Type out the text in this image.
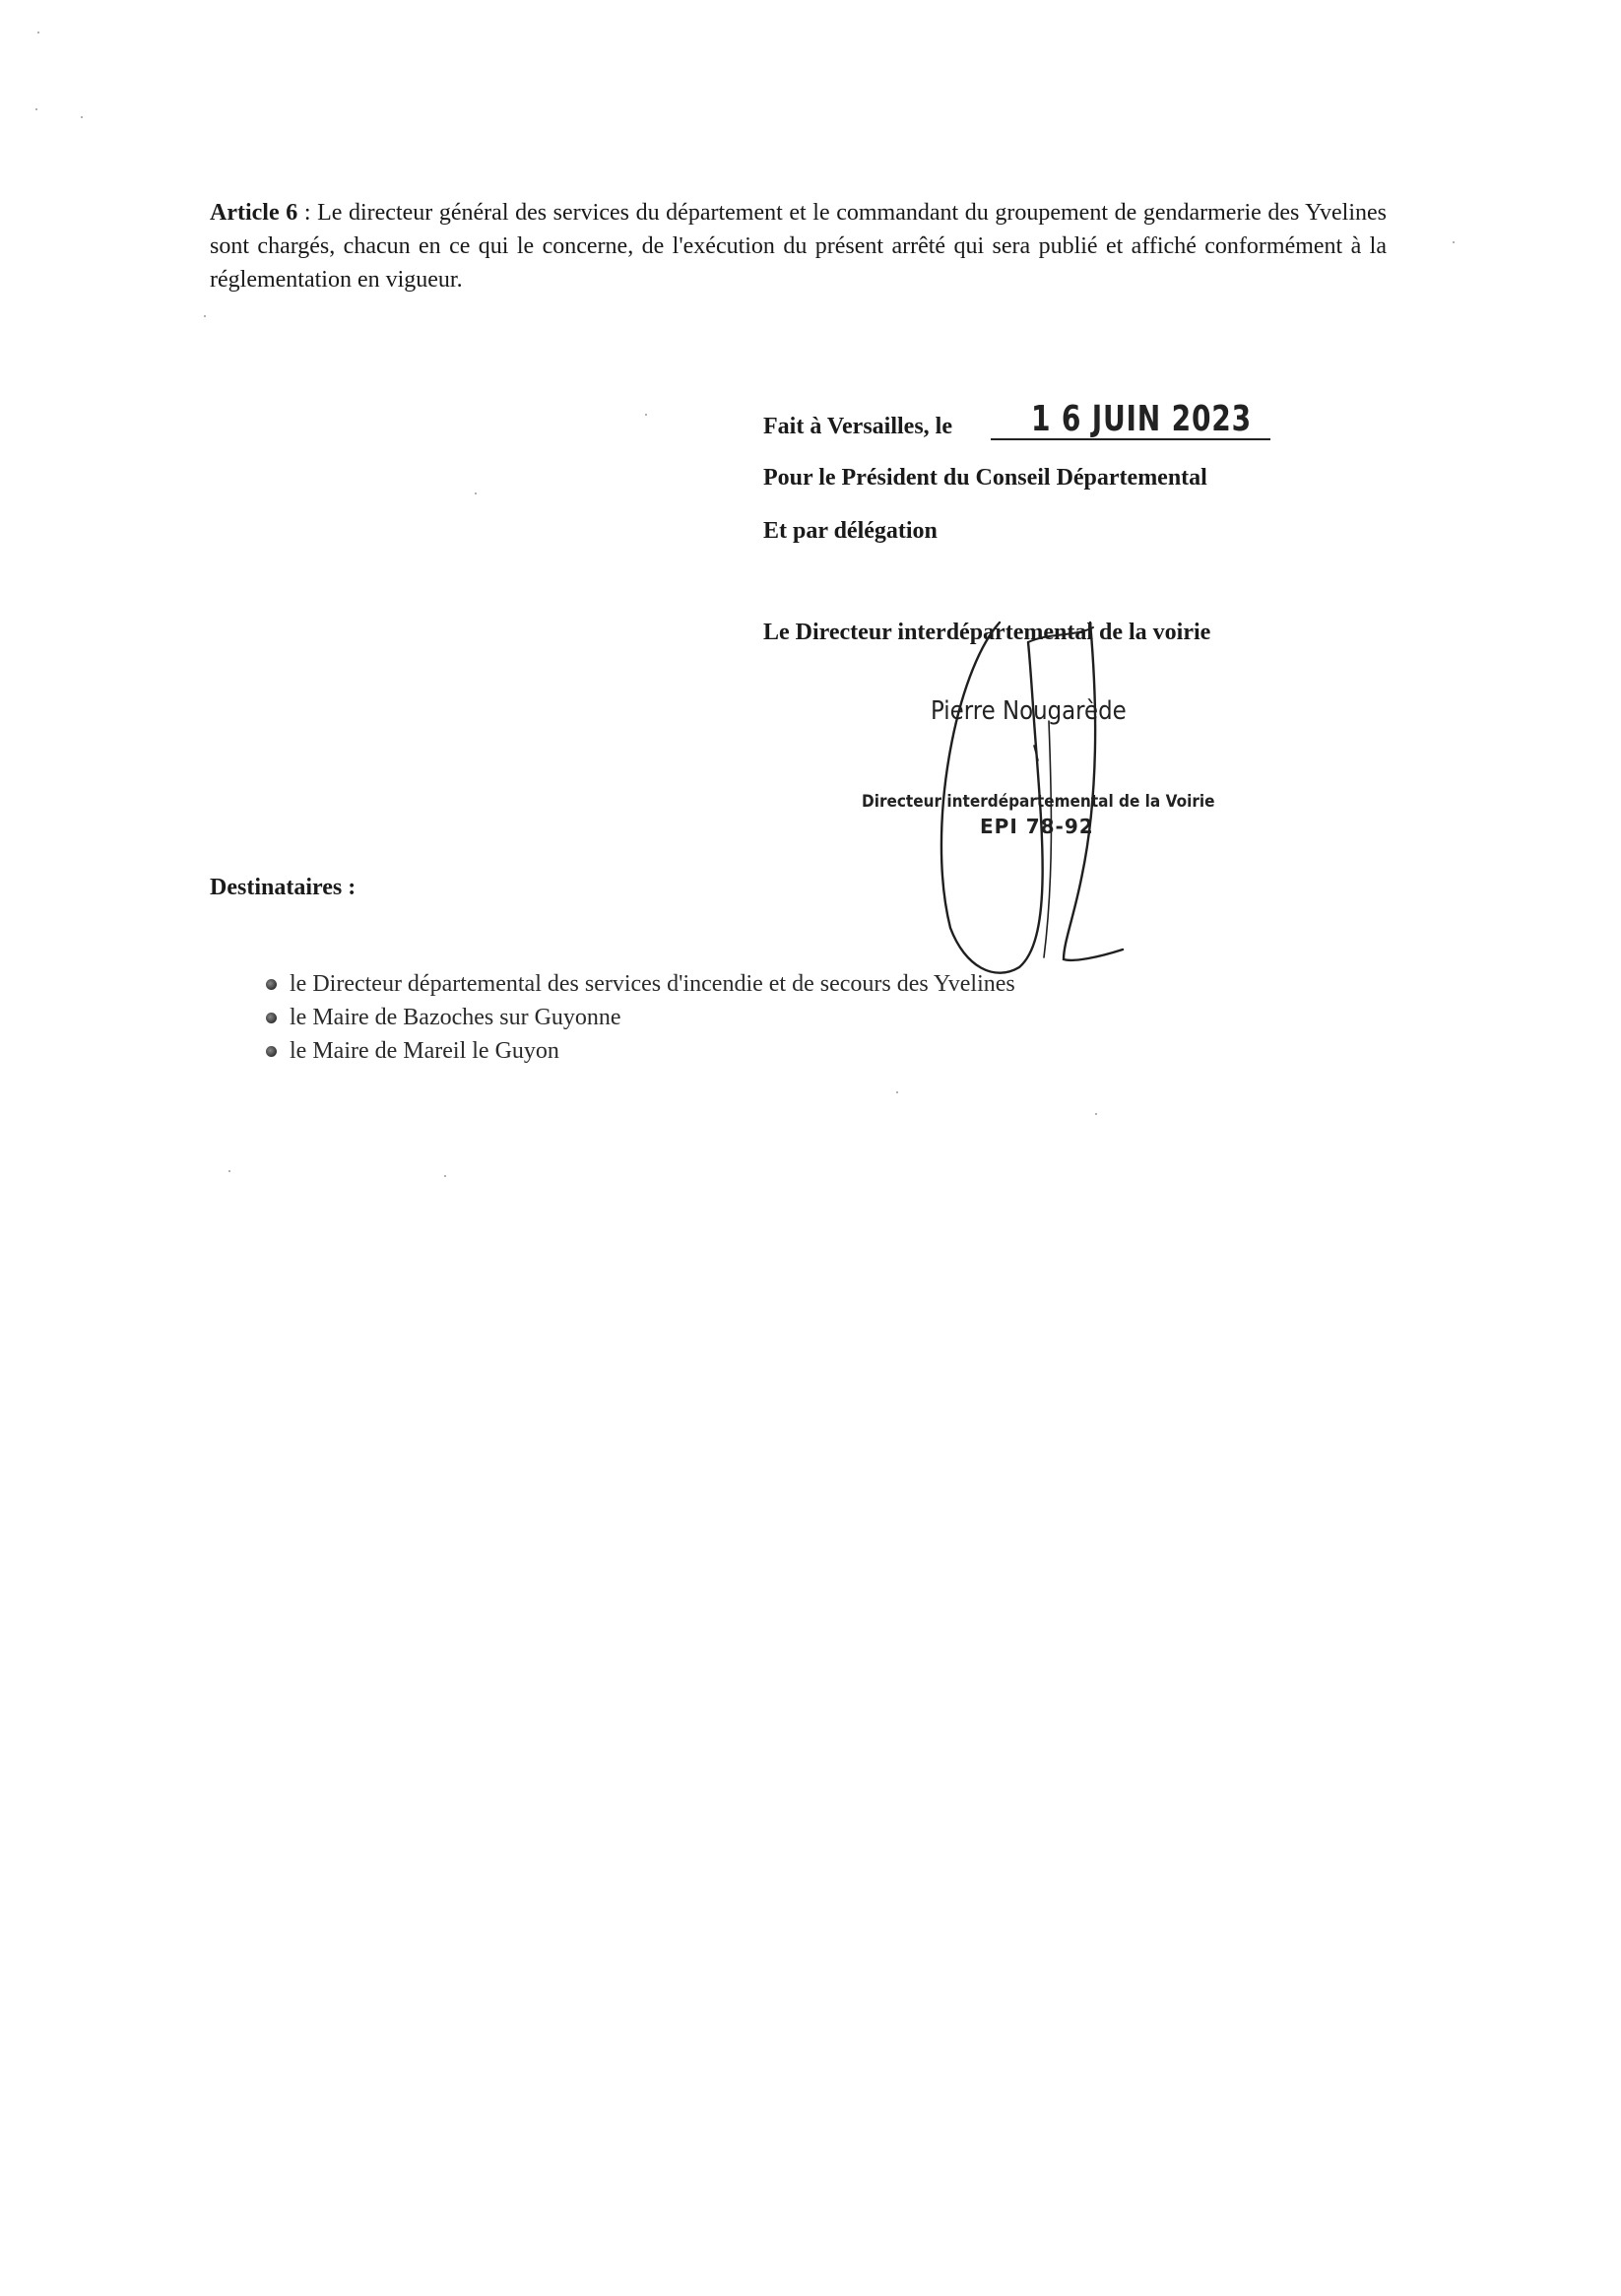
Article 6 : Le directeur général des services du département et le commandant du groupement de gendarmerie des Yvelines sont chargés, chacun en ce qui le concerne, de l'exécution du présent arrêté qui sera publié et affiché conformément à la réglementation en vigueur.

Fait à Versailles, le 1 6 JUIN 2023
Pour le Président du Conseil Départemental
Et par délégation
Le Directeur interdépartemental de la voirie
Pierre Nougarède
Directeur interdépartemental de la Voirie
EPI 78-92
Destinataires :
le Directeur départemental des services d'incendie et de secours des Yvelines
le Maire de Bazoches sur Guyonne
le Maire de Mareil le Guyon
